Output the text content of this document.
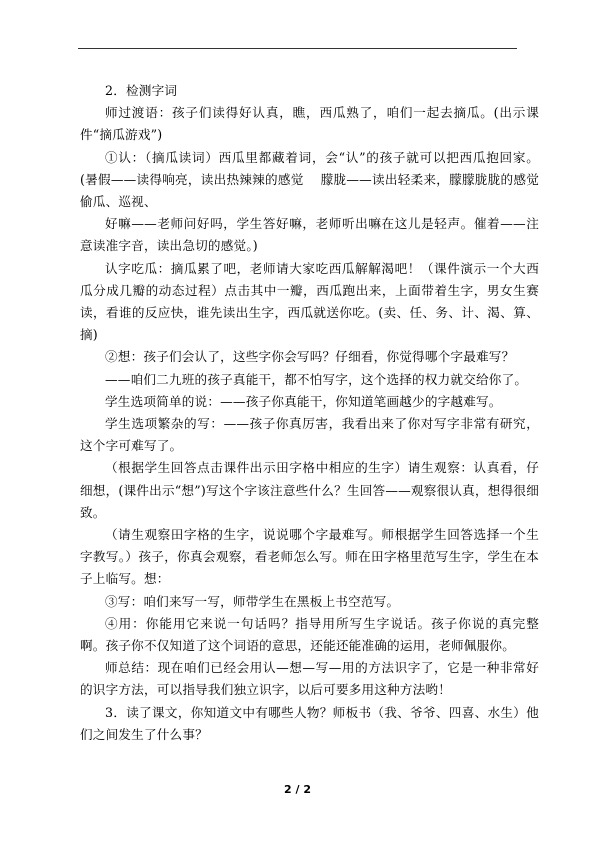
2．检测字词

师过渡语：孩子们读得好认真，瞧，西瓜熟了，咱们一起去摘瓜。(出示课件“摘瓜游戏”)

①认：（摘瓜读词）西瓜里都藏着词，会“认”的孩子就可以把西瓜抱回家。(暑假——读得响亮，读出热辣辣的感觉　 朦胧——读出轻柔来，朦朦胧胧的感觉　偷瓜、巡视、

好嘛——老师问好吗，学生答好嘛，老师听出嘛在这儿是轻声。催着——注意读准字音，读出急切的感觉。)

认字吃瓜：摘瓜累了吧，老师请大家吃西瓜解解渴吧！（课件演示一个大西瓜分成几瓣的动态过程）点击其中一瓣，西瓜跑出来，上面带着生字，男女生赛读，看谁的反应快，谁先读出生字，西瓜就送你吃。(卖、任、务、计、渴、算、摘)

②想：孩子们会认了，这些字你会写吗？仔细看，你觉得哪个字最难写？

——咱们二九班的孩子真能干，都不怕写字，这个选择的权力就交给你了。

学生选项简单的说：——孩子你真能干，你知道笔画越少的字越难写。

学生选项繁杂的写：——孩子你真厉害，我看出来了你对写字非常有研究，这个字可难写了。

（根据学生回答点击课件出示田字格中相应的生字）请生观察：认真看，仔细想，(课件出示“想”)写这个字该注意些什么？生回答——观察很认真，想得很细致。

（请生观察田字格的生字，说说哪个字最难写。师根据学生回答选择一个生字教写。）孩子，你真会观察，看老师怎么写。师在田字格里范写生字，学生在本子上临写。想：

③写：咱们来写一写，师带学生在黑板上书空范写。

④用：你能用它来说一句话吗？指导用所写生字说话。孩子你说的真完整啊。孩子你不仅知道了这个词语的意思，还能还能准确的运用，老师佩服你。

师总结：现在咱们已经会用认—想—写—用的方法识字了，它是一种非常好的识字方法，可以指导我们独立识字，以后可要多用这种方法哟！

3．读了课文，你知道文中有哪些人物？师板书（我、爷爷、四喜、水生）他们之间发生了什么事？

2 / 2
